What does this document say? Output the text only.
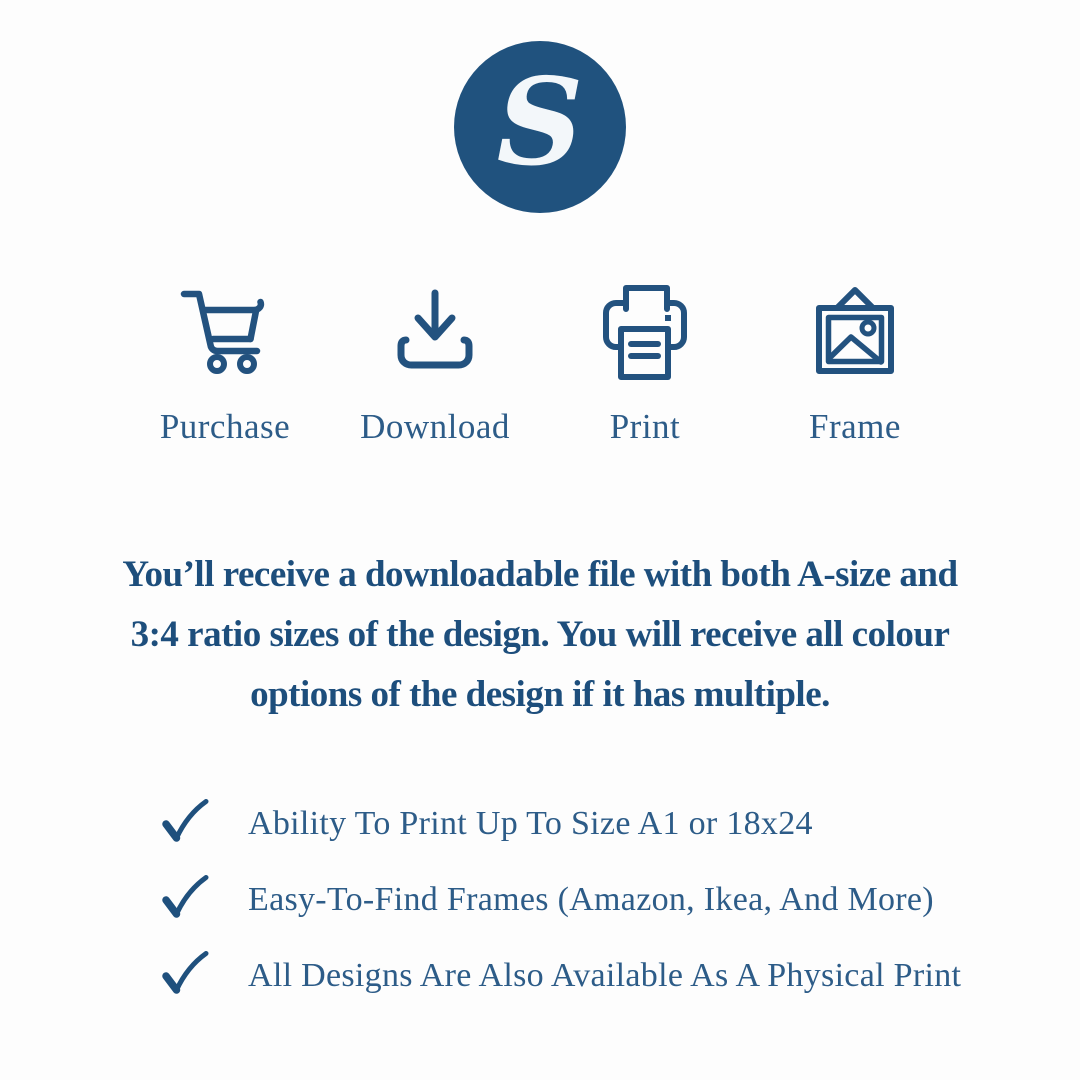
S
Purchase Download	Print	Frame
You’ll receive a downloadable file with both A-size and
3:4 ratio sizes of the design. You will receive all colour
options of the design if it has multiple.
Ability To Print Up To Size A1 or 18x24
Easy-To-Find Frames (Amazon, Ikea, And More)
All Designs Are Also Available As A Physical Print
